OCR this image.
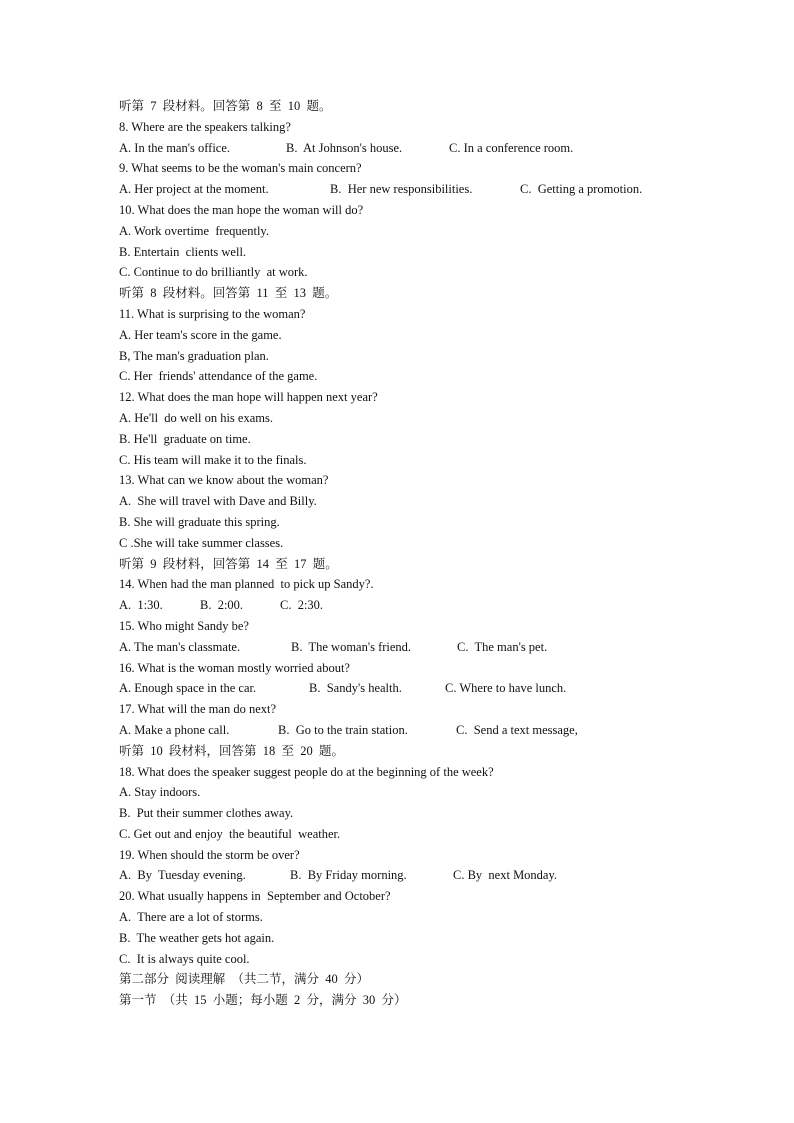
听第  7  段材料。回答第  8  至  10  题。
8. Where are the speakers talking?
A. In the man's office.	B.  At Johnson's house.	C. In a conference room.
9. What seems to be the woman's main concern?
A. Her project at the moment.	B.  Her new responsibilities.	C.  Getting a promotion.
10. What does the man hope the woman will do?
A. Work overtime  frequently.
B. Entertain  clients well.
C. Continue to do brilliantly  at work.
听第  8  段材料。回答第  11  至  13  题。
11. What is surprising to the woman?
A. Her team's score in the game.
B, The man's graduation plan.
C. Her  friends' attendance of the game.
12. What does the man hope will happen next year?
A. He'll  do well on his exams.
B. He'll  graduate on time.
C. His team will make it to the finals.
13. What can we know about the woman?
A.  She will travel with Dave and Billy.
B. She will graduate this spring.
C .She will take summer classes.
听第  9  段材料，回答第  14  至  17  题。
14. When had the man planned  to pick up Sandy?.
A.  1:30.	B.  2:00.	C.  2:30.
15. Who might Sandy be?
A. The man's classmate.	B.  The woman's friend.	C.  The man's pet.
16. What is the woman mostly worried about?
A. Enough space in the car.	B.  Sandy's health.	C. Where to have lunch.
17. What will the man do next?
A. Make a phone call.	B.  Go to the train station.	C.  Send a text message,
听第  10  段材料，回答第  18  至  20  题。
18. What does the speaker suggest people do at the beginning of the week?
A. Stay indoors.
B.  Put their summer clothes away.
C. Get out and enjoy  the beautiful  weather.
19. When should the storm be over?
A.  By  Tuesday evening.	B.  By Friday morning.	C. By  next Monday.
20. What usually happens in  September and October?
A.  There are a lot of storms.
B.  The weather gets hot again.
C.  It is always quite cool.
第二部分  阅读理解  （共二节，满分  40  分）
第一节  （共  15  小题；每小题  2  分，满分  30  分）
